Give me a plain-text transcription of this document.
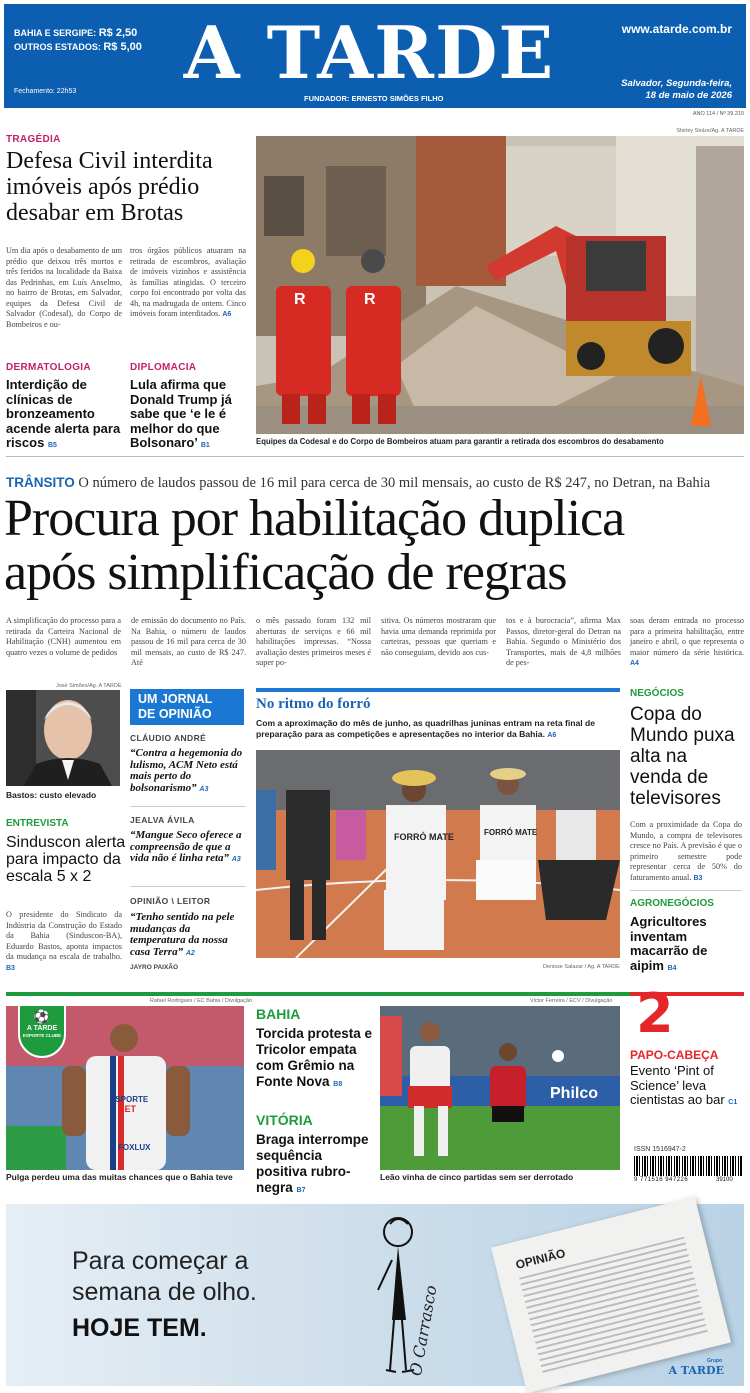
BAHIA E SERGIPE: R$ 2,50
OUTROS ESTADOS: R$ 5,00
Fechamento: 22h53	A TARDE
FUNDADOR: ERNESTO SIMÕES FILHO
www.atarde.com.br
Salvador, Segunda-feira,
18 de maio de 2026
ANO 114 / Nº 39.210
TRAGÉDIA
Defesa Civil interdita imóveis após prédio desabar em Brotas
Um dia após o desabamento de um prédio que deixou três mortos e três feridos na localidade da Baixa das Pedrinhas, em Luís Anselmo, no bairro de Brotas, em Salvador, equipes da Defesa Civil de Salvador (Codesal), do Corpo de Bombeiros e ou-
tros órgãos públicos atuaram na retirada de escombros, avaliação de imóveis vizinhos e assistência às famílias atingidas. O terceiro corpo foi encontrado por volta das 4h, na madrugada de ontem. Cinco imóveis foram interditados. A6
DERMATOLOGIA
Interdição de clínicas de bronzeamento acende alerta para riscos B5
DIPLOMACIA
Lula afirma que Donald Trump já sabe que ‘e le é melhor do que Bolsonaro’ B1
Shirley Stolze/Ag. A TARDE
R	R
Equipes da Codesal e do Corpo de Bombeiros atuam para garantir a retirada dos escombros do desabamento
TRÂNSITO O número de laudos passou de 16 mil para cerca de 30 mil mensais, ao custo de R$ 247, no Detran, na Bahia
Procura por habilitação duplica
após simplificação de regras
A simplificação do processo para a retirada da Carteira Nacional de Habilitação (CNH) aumentou em quatro vezes o volume de pedidos
de emissão do documento no País. Na Bahia, o número de laudos passou de 16 mil para cerca de 30 mil mensais, ao custo de R$ 247. Até
o mês passado foram 132 mil aberturas de serviços e 66 mil habilitações impressas. “Nossa avaliação destes primeiros meses é super po-
sitiva. Os números mostraram que havia uma demanda reprimida por carteiras, pessoas que queriam e não conseguiam, devido aos cus-
tos e à burocracia”, afirma Max Passos, diretor-geral do Detran na Bahia. Segundo o Ministério dos Transportes, mais de 4,8 milhões de pes-
soas deram entrada no processo para a primeira habilitação, entre janeiro e abril, o que representa o maior número da série histórica. A4
José Simões/Ag. A TARDE
Bastos: custo elevado
ENTREVISTA
Sinduscon alerta para impacto da escala 5 x 2
O presidente do Sindicato da Indústria da Construção do Estado da Bahia (Sinduscon-BA), Eduardo Bastos, aponta impactos da mudança na escala de trabalho. B3
UM JORNAL
DE OPINIÃO
CLÁUDIO ANDRÉ
“Contra a hegemonia do lulismo, ACM Neto está mais perto do bolsonarismo” A3
JEALVA ÁVILA
“Mangue Seco oferece a compreensão de que a vida não é linha reta” A3
OPINIÃO \ LEITOR
“Tenho sentido na pele mudanças da temperatura da nossa casa Terra” A2
JAYRO PAIXÃO
No ritmo do forró
Com a aproximação do mês de junho, as quadrilhas juninas entram na reta final de preparação para as competições e apresentações no interior da Bahia. A6
FORRÓ MATE	FORRÓ MATE
Denisse Salazar / Ag. A TARDE
NEGÓCIOS
Copa do Mundo puxa alta na venda de televisores
Com a proximidade da Copa do Mundo, a compra de televisores cresce no País. A previsão é que o primeiro semestre pode representar cerca de 50% do faturamento anual. B3
AGRONEGÓCIOS
Agricultores inventam macarrão de aipim B4
Rafael Rodrigues / EC Bahia / Divulgação
ESPORTE
BET
FOXLUX
⚽
A TARDE
ESPORTE CLUBE
Pulga perdeu uma das muitas chances que o Bahia teve
BAHIA
Torcida protesta e Tricolor empata com Grêmio na Fonte Nova B8
VITÓRIA
Braga interrompe sequência positiva rubro-negra B7
Victor Ferreira / ECV / Divulgação
Philco
Leão vinha de cinco partidas sem ser derrotado
2
PAPO-CABEÇA
Evento ‘Pint of Science’ leva cientistas ao bar C1
ISSN 1516947-2
9 771516 947226	39100
Para começar a
semana de olho.
HOJE TEM.	O Carrasco
OPINIÃO
Grupo
A TARDE
